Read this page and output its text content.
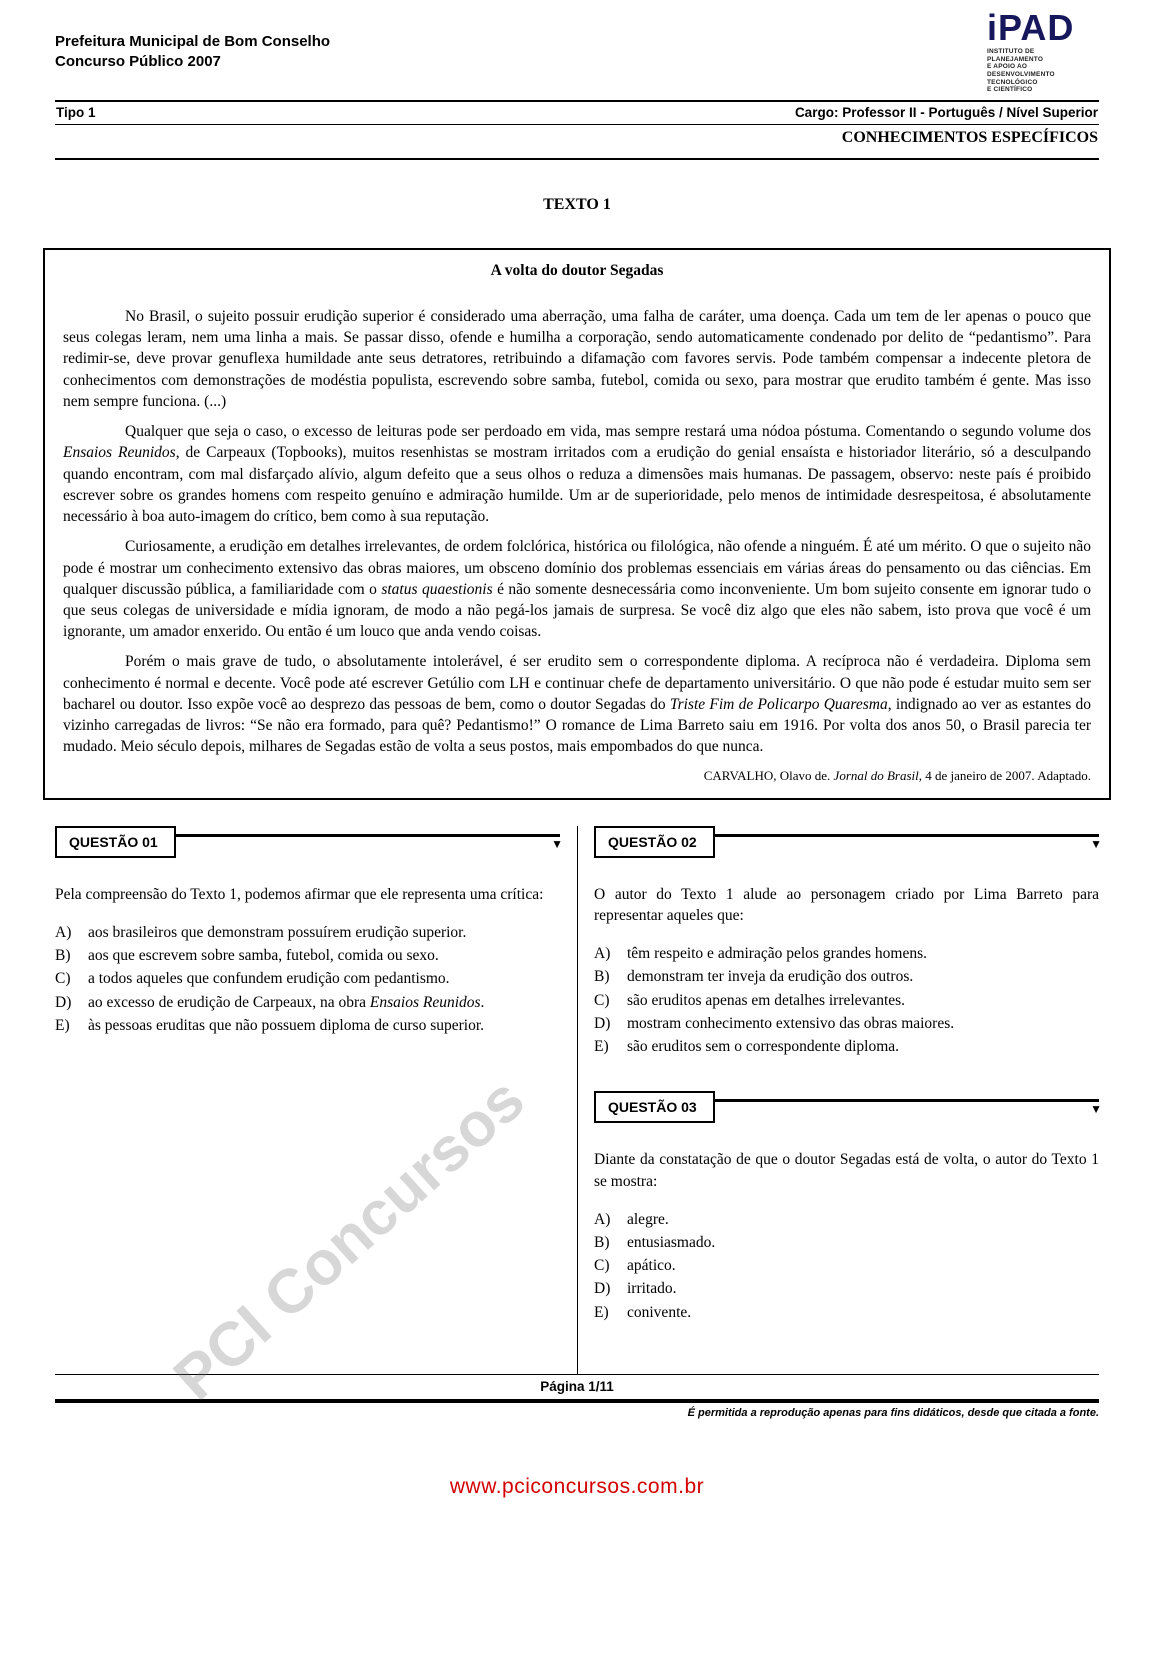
Prefeitura Municipal de Bom Conselho
Concurso Público 2007
iPAD
INSTITUTO DE
PLANEJAMENTO
E APOIO AO
DESENVOLVIMENTO
TECNOLÓGICO
E CIENTÍFICO
Tipo 1	Cargo: Professor II - Português / Nível Superior
CONHECIMENTOS ESPECÍFICOS
TEXTO 1
A volta do doutor Segadas

No Brasil, o sujeito possuir erudição superior é considerado uma aberração, uma falha de caráter, uma doença. Cada um tem de ler apenas o pouco que seus colegas leram, nem uma linha a mais. Se passar disso, ofende e humilha a corporação, sendo automaticamente condenado por delito de “pedantismo”. Para redimir-se, deve provar genuflexa humildade ante seus detratores, retribuindo a difamação com favores servis. Pode também compensar a indecente pletora de conhecimentos com demonstrações de modéstia populista, escrevendo sobre samba, futebol, comida ou sexo, para mostrar que erudito também é gente. Mas isso nem sempre funciona. (...)

Qualquer que seja o caso, o excesso de leituras pode ser perdoado em vida, mas sempre restará uma nódoa póstuma. Comentando o segundo volume dos Ensaios Reunidos, de Carpeaux (Topbooks), muitos resenhistas se mostram irritados com a erudição do genial ensaísta e historiador literário, só a desculpando quando encontram, com mal disfarçado alívio, algum defeito que a seus olhos o reduza a dimensões mais humanas. De passagem, observo: neste país é proibido escrever sobre os grandes homens com respeito genuíno e admiração humilde. Um ar de superioridade, pelo menos de intimidade desrespeitosa, é absolutamente necessário à boa auto-imagem do crítico, bem como à sua reputação.

Curiosamente, a erudição em detalhes irrelevantes, de ordem folclórica, histórica ou filológica, não ofende a ninguém. É até um mérito. O que o sujeito não pode é mostrar um conhecimento extensivo das obras maiores, um obsceno domínio dos problemas essenciais em várias áreas do pensamento ou das ciências. Em qualquer discussão pública, a familiaridade com o status quaestionis é não somente desnecessária como inconveniente. Um bom sujeito consente em ignorar tudo o que seus colegas de universidade e mídia ignoram, de modo a não pegá-los jamais de surpresa. Se você diz algo que eles não sabem, isto prova que você é um ignorante, um amador enxerido. Ou então é um louco que anda vendo coisas.

Porém o mais grave de tudo, o absolutamente intolerável, é ser erudito sem o correspondente diploma. A recíproca não é verdadeira. Diploma sem conhecimento é normal e decente. Você pode até escrever Getúlio com LH e continuar chefe de departamento universitário. O que não pode é estudar muito sem ser bacharel ou doutor. Isso expõe você ao desprezo das pessoas de bem, como o doutor Segadas do Triste Fim de Policarpo Quaresma, indignado ao ver as estantes do vizinho carregadas de livros: “Se não era formado, para quê? Pedantismo!” O romance de Lima Barreto saiu em 1916. Por volta dos anos 50, o Brasil parecia ter mudado. Meio século depois, milhares de Segadas estão de volta a seus postos, mais empombados do que nunca.

CARVALHO, Olavo de. Jornal do Brasil, 4 de janeiro de 2007. Adaptado.
QUESTÃO 01	▼
Pela compreensão do Texto 1, podemos afirmar que ele representa uma crítica:
A)	aos brasileiros que demonstram possuírem erudição superior.
B)	aos que escrevem sobre samba, futebol, comida ou sexo.
C)	a todos aqueles que confundem erudição com pedantismo.
D)	ao excesso de erudição de Carpeaux, na obra Ensaios Reunidos.
E)	às pessoas eruditas que não possuem diploma de curso superior.
QUESTÃO 02	▼
O autor do Texto 1 alude ao personagem criado por Lima Barreto para representar aqueles que:
A)	têm respeito e admiração pelos grandes homens.
B)	demonstram ter inveja da erudição dos outros.
C)	são eruditos apenas em detalhes irrelevantes.
D)	mostram conhecimento extensivo das obras maiores.
E)	são eruditos sem o correspondente diploma.
QUESTÃO 03	▼
Diante da constatação de que o doutor Segadas está de volta, o autor do Texto 1 se mostra:
A)	alegre.
B)	entusiasmado.
C)	apático.
D)	irritado.
E)	conivente.
Página 1/11
É permitida a reprodução apenas para fins didáticos, desde que citada a fonte.
www.pciconcursos.com.br
PCI Concursos
